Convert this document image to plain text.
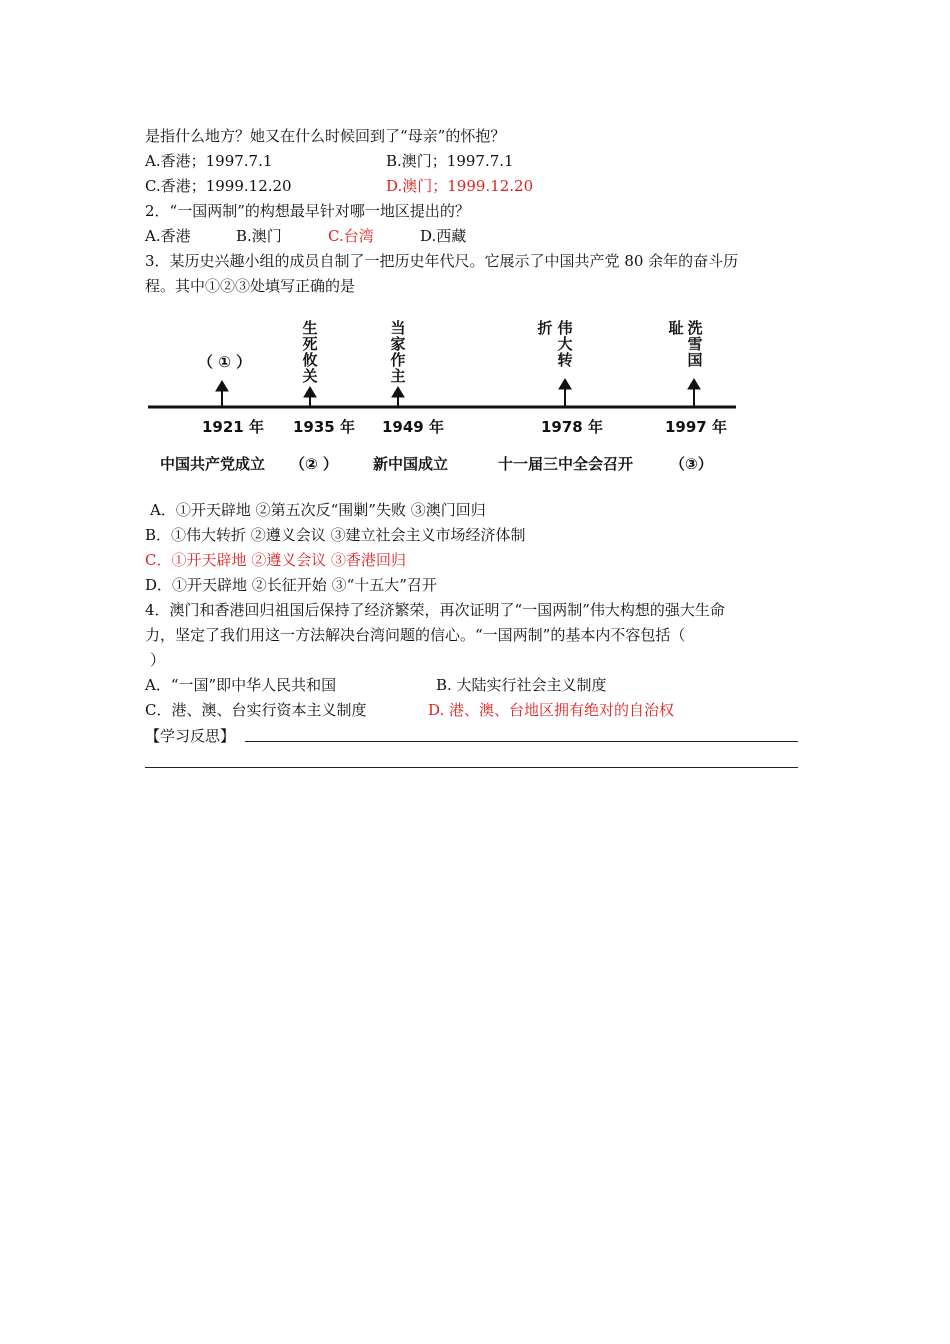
是指什么地方？她又在什么时候回到了“母亲”的怀抱？
A.香港；1997.7.1	B.澳门；1997.7.1
C.香港；1999.12.20	D.澳门；1999.12.20
2．“一国两制”的构想最早针对哪一地区提出的？
A.香港	B.澳门	C.台湾	D.西藏
3．某历史兴趣小组的成员自制了一把历史年代尺。它展示了中国共产党 80 余年的奋斗历
程。其中①②③处填写正确的是
（ ① ）
生死攸关
当家作主
折 伟大转
耻 洗雪国
1921 年 1935 年 1949 年	1978 年	1997 年
中国共产党成立 （② ） 新中国成立	十一届三中全会召开 （③）
A．①开天辟地 ②第五次反“围剿”失败 ③澳门回归
B．①伟大转折 ②遵义会议 ③建立社会主义市场经济体制
C．①开天辟地 ②遵义会议 ③香港回归
D．①开天辟地 ②长征开始 ③“十五大”召开
4．澳门和香港回归祖国后保持了经济繁荣，再次证明了“一国两制”伟大构想的强大生命
力，坚定了我们用这一方法解决台湾问题的信心。“一国两制”的基本内不容包括（
）
A．“一国”即中华人民共和国	B. 大陆实行社会主义制度
C．港、澳、台实行资本主义制度	D. 港、澳、台地区拥有绝对的自治权
【学习反思】
